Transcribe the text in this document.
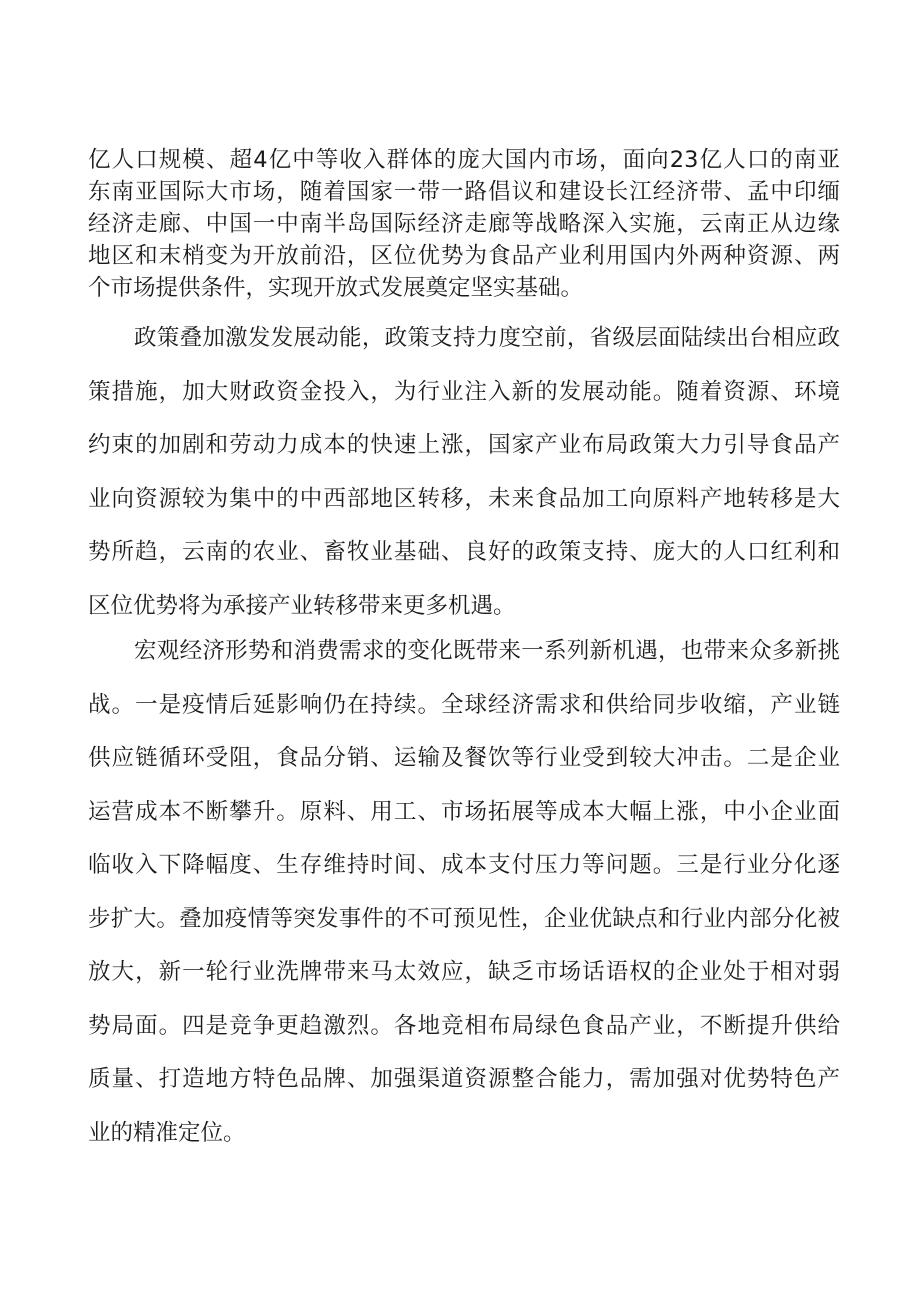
亿人口规模、超4亿中等收入群体的庞大国内市场，面向23亿人口的南亚
东南亚国际大市场，随着国家一带一路倡议和建设长江经济带、孟中印缅
经济走廊、中国一中南半岛国际经济走廊等战略深入实施，云南正从边缘
地区和末梢变为开放前沿，区位优势为食品产业利用国内外两种资源、两
个市场提供条件，实现开放式发展奠定坚实基础。
政策叠加激发发展动能，政策支持力度空前，省级层面陆续出台相应政
策措施，加大财政资金投入，为行业注入新的发展动能。随着资源、环境
约束的加剧和劳动力成本的快速上涨，国家产业布局政策大力引导食品产
业向资源较为集中的中西部地区转移，未来食品加工向原料产地转移是大
势所趋，云南的农业、畜牧业基础、良好的政策支持、庞大的人口红利和
区位优势将为承接产业转移带来更多机遇。
宏观经济形势和消费需求的变化既带来一系列新机遇，也带来众多新挑
战。一是疫情后延影响仍在持续。全球经济需求和供给同步收缩，产业链
供应链循环受阻，食品分销、运输及餐饮等行业受到较大冲击。二是企业
运营成本不断攀升。原料、用工、市场拓展等成本大幅上涨，中小企业面
临收入下降幅度、生存维持时间、成本支付压力等问题。三是行业分化逐
步扩大。叠加疫情等突发事件的不可预见性，企业优缺点和行业内部分化被
放大，新一轮行业洗牌带来马太效应，缺乏市场话语权的企业处于相对弱
势局面。四是竞争更趋激烈。各地竞相布局绿色食品产业，不断提升供给
质量、打造地方特色品牌、加强渠道资源整合能力，需加强对优势特色产
业的精准定位。
